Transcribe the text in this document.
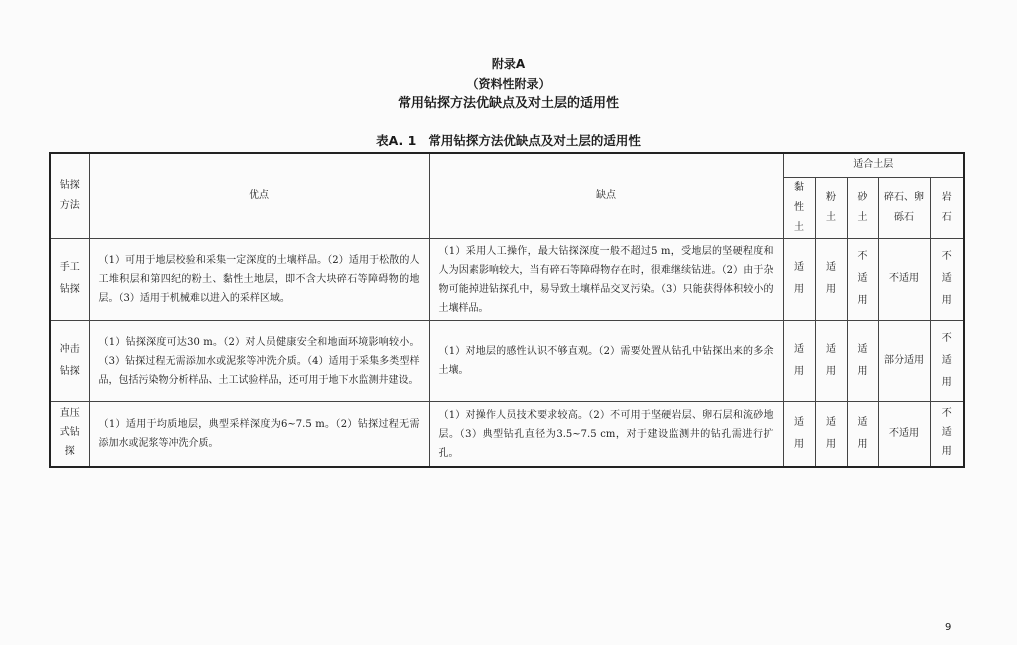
附录A
（资料性附录）
常用钻探方法优缺点及对土层的适用性
表A. 1 常用钻探方法优缺点及对土层的适用性
钻探方法	优点	缺点	适合土层				
			黏性土	粉土	砂土	碎石、卵砾石	岩石
手工钻探	（1）可用于地层校验和采集一定深度的土壤样品。（2）适用于松散的人工堆积层和第四纪的粉土、黏性土地层，即不含大块碎石等障碍物的地层。（3）适用于机械难以进入的采样区域。	（1）采用人工操作，最大钻探深度一般不超过5 m，受地层的坚硬程度和人为因素影响较大，当有碎石等障碍物存在时，很难继续钻进。（2）由于杂物可能掉进钻探孔中，易导致土壤样品交叉污染。（3）只能获得体积较小的土壤样品。	适用	适用	不适用	不适用	不适用
冲击钻探	（1）钻探深度可达30 m。（2）对人员健康安全和地面环境影响较小。（3）钻探过程无需添加水或泥浆等冲洗介质。（4）适用于采集多类型样品，包括污染物分析样品、土工试验样品，还可用于地下水监测井建设。	（1）对地层的感性认识不够直观。（2）需要处置从钻孔中钻探出来的多余土壤。	适用	适用	适用	部分适用	不适用
直压式钻探	（1）适用于均质地层，典型采样深度为6~7.5 m。（2）钻探过程无需添加水或泥浆等冲洗介质。	（1）对操作人员技术要求较高。（2）不可用于坚硬岩层、卵石层和流砂地层。（3）典型钻孔直径为3.5~7.5 cm，对于建设监测井的钻孔需进行扩孔。	适用	适用	适用	不适用	不适用
9
